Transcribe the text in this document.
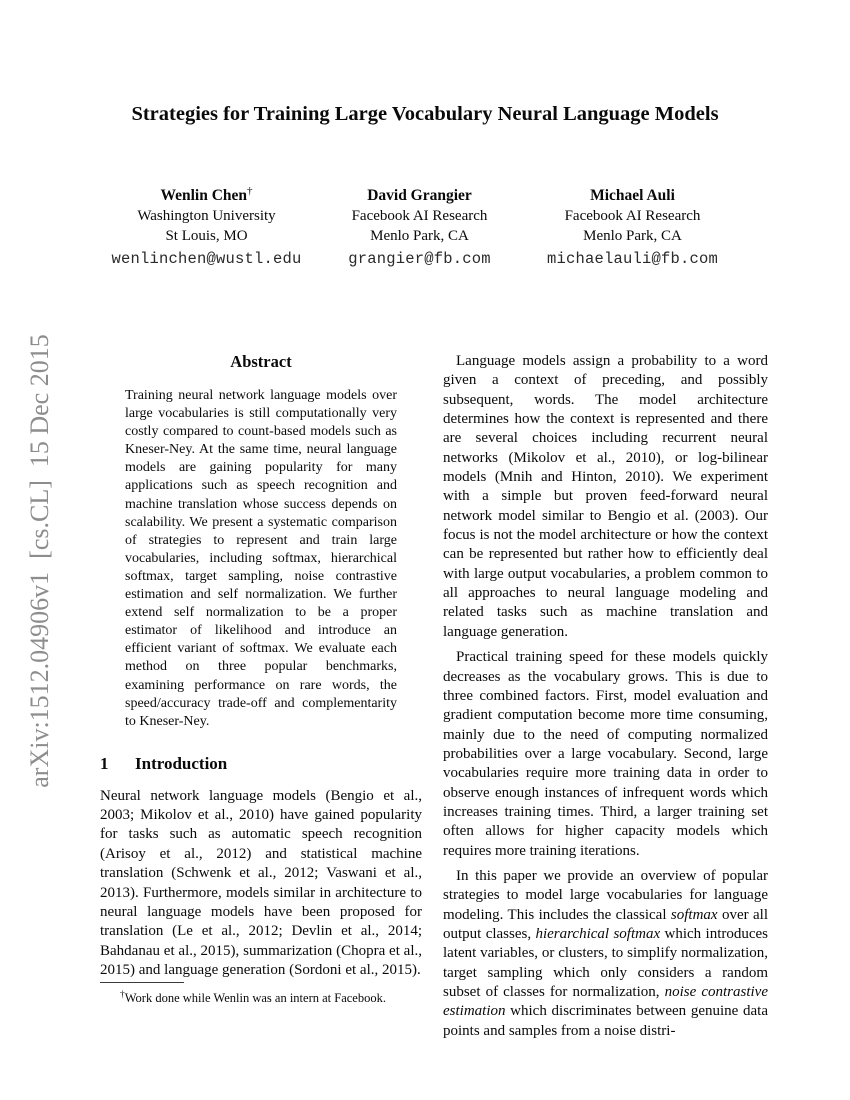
arXiv:1512.04906v1  [cs.CL]  15 Dec 2015
Strategies for Training Large Vocabulary Neural Language Models
Wenlin Chen†
Washington University
St Louis, MO
wenlinchen@wustl.edu
David Grangier
Facebook AI Research
Menlo Park, CA
grangier@fb.com
Michael Auli
Facebook AI Research
Menlo Park, CA
michaelauli@fb.com
Abstract

Training neural network language models over large vocabularies is still computationally very costly compared to count-based models such as Kneser-Ney. At the same time, neural language models are gaining popularity for many applications such as speech recognition and machine translation whose success depends on scalability. We present a systematic comparison of strategies to represent and train large vocabularies, including softmax, hierarchical softmax, target sampling, noise contrastive estimation and self normalization. We further extend self normalization to be a proper estimator of likelihood and introduce an efficient variant of softmax. We evaluate each method on three popular benchmarks, examining performance on rare words, the speed/accuracy trade-off and complementarity to Kneser-Ney.

1 Introduction

Neural network language models (Bengio et al., 2003; Mikolov et al., 2010) have gained popularity for tasks such as automatic speech recognition (Arisoy et al., 2012) and statistical machine translation (Schwenk et al., 2012; Vaswani et al., 2013). Furthermore, models similar in architecture to neural language models have been proposed for translation (Le et al., 2012; Devlin et al., 2014; Bahdanau et al., 2015), summarization (Chopra et al., 2015) and language generation (Sordoni et al., 2015).

†Work done while Wenlin was an intern at Facebook.

Language models assign a probability to a word given a context of preceding, and possibly subsequent, words. The model architecture determines how the context is represented and there are several choices including recurrent neural networks (Mikolov et al., 2010), or log-bilinear models (Mnih and Hinton, 2010). We experiment with a simple but proven feed-forward neural network model similar to Bengio et al. (2003). Our focus is not the model architecture or how the context can be represented but rather how to efficiently deal with large output vocabularies, a problem common to all approaches to neural language modeling and related tasks such as machine translation and language generation.

Practical training speed for these models quickly decreases as the vocabulary grows. This is due to three combined factors. First, model evaluation and gradient computation become more time consuming, mainly due to the need of computing normalized probabilities over a large vocabulary. Second, large vocabularies require more training data in order to observe enough instances of infrequent words which increases training times. Third, a larger training set often allows for higher capacity models which requires more training iterations.

In this paper we provide an overview of popular strategies to model large vocabularies for language modeling. This includes the classical softmax over all output classes, hierarchical softmax which introduces latent variables, or clusters, to simplify normalization, target sampling which only considers a random subset of classes for normalization, noise contrastive estimation which discriminates between genuine data points and samples from a noise distri-
